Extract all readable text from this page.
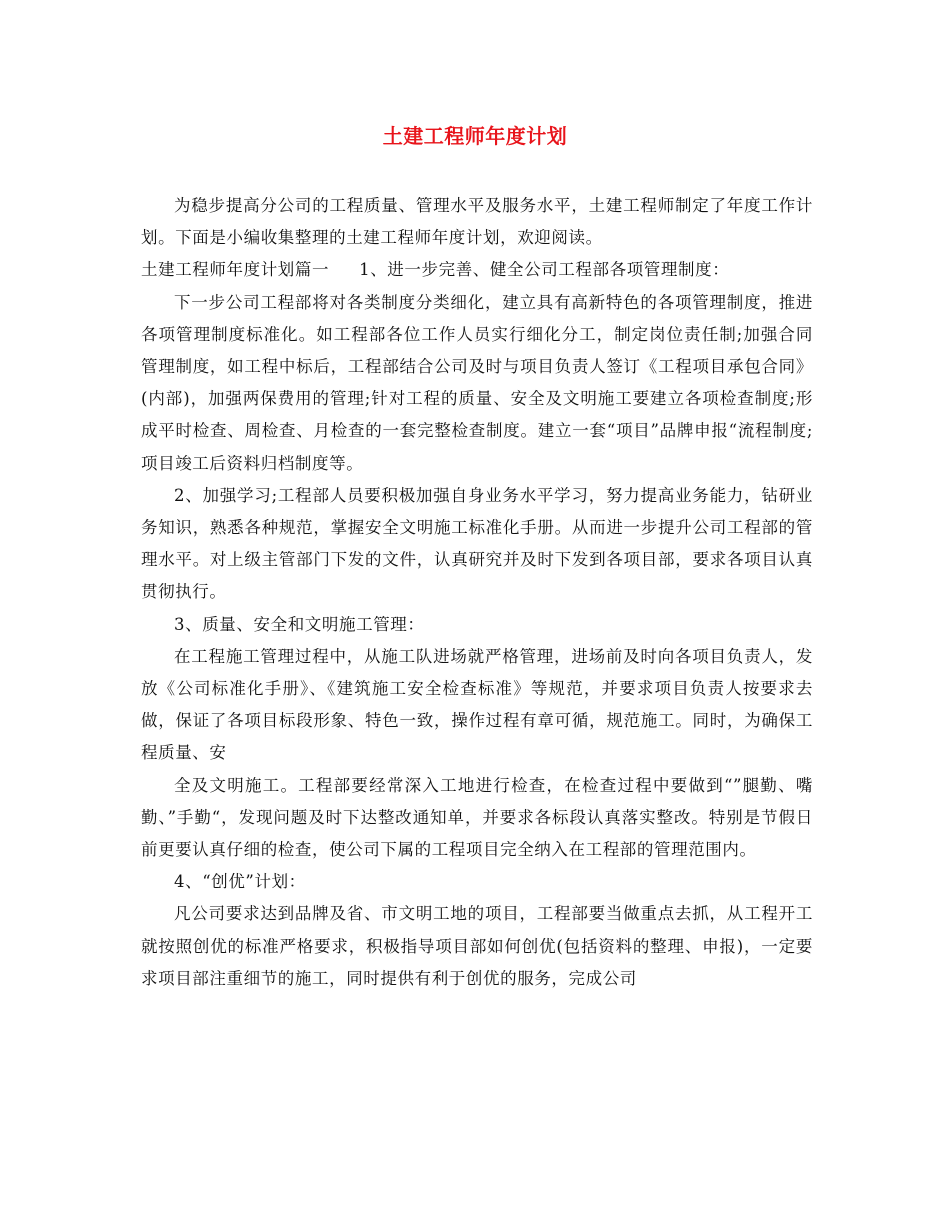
土建工程师年度计划

为稳步提高分公司的工程质量、管理水平及服务水平，土建工程师制定了年度工作计划。下面是小编收集整理的土建工程师年度计划，欢迎阅读。

土建工程师年度计划篇一 1、进一步完善、健全公司工程部各项管理制度：

下一步公司工程部将对各类制度分类细化，建立具有高新特色的各项管理制度，推进各项管理制度标准化。如工程部各位工作人员实行细化分工，制定岗位责任制;加强合同管理制度，如工程中标后，工程部结合公司及时与项目负责人签订《工程项目承包合同》(内部)，加强两保费用的管理;针对工程的质量、安全及文明施工要建立各项检查制度;形成平时检查、周检查、月检查的一套完整检查制度。建立一套“项目”品牌申报“流程制度;项目竣工后资料归档制度等。

2、加强学习;工程部人员要积极加强自身业务水平学习，努力提高业务能力，钻研业务知识，熟悉各种规范，掌握安全文明施工标准化手册。从而进一步提升公司工程部的管理水平。对上级主管部门下发的文件，认真研究并及时下发到各项目部，要求各项目认真贯彻执行。

3、质量、安全和文明施工管理：

在工程施工管理过程中，从施工队进场就严格管理，进场前及时向各项目负责人，发放《公司标准化手册》、《建筑施工安全检查标准》等规范，并要求项目负责人按要求去做，保证了各项目标段形象、特色一致，操作过程有章可循，规范施工。同时，为确保工程质量、安

全及文明施工。工程部要经常深入工地进行检查，在检查过程中要做到“”腿勤、嘴勤、”手勤“，发现问题及时下达整改通知单，并要求各标段认真落实整改。特别是节假日前更要认真仔细的检查，使公司下属的工程项目完全纳入在工程部的管理范围内。

4、“创优”计划：

凡公司要求达到品牌及省、市文明工地的项目，工程部要当做重点去抓，从工程开工就按照创优的标准严格要求，积极指导项目部如何创优(包括资料的整理、申报)，一定要求项目部注重细节的施工，同时提供有利于创优的服务，完成公司
